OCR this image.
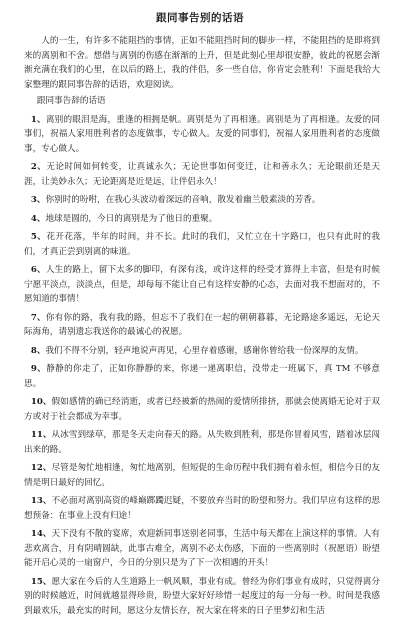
跟同事告别的话语

人的一生，有许多不能阻挡的事情，正如不能阻挡时间的脚步一样，不能阻挡的是即将到来的离别和不舍。想借与离别的伤感在渐渐的上升，但是此刻心里却很安静，彼此的祝愿会渐渐充满在我们的心里，在以后的路上，我的伴侣，多一些自信，你肯定会胜利！下面是我给大家整理的跟同事告辞的话语，欢迎阅读。

跟同事告辞的话语

1、离别的眼泪是海，重逢的相拥是帆。离别是为了再相逢。离别是为了再相逢。友爱的同事们，祝福人家用胜利者的态度做事，专心做人。友爱的同事们，祝福人家用胜利者的态度做事，专心做人。

2、无论时间如何转变，让真诚永久；无论世事如何变迁，让和善永久；无论眼前还是天涯，让美妙永久；无论距离是近是远，让伴侣永久！

3、你别时的吩咐，在我心头波动着深远的音响，散发着幽兰般素淡的芳香。

4、地球是圆的，今日的离别是为了他日的重聚。

5、花开花落，半年的时间，并不长。此时的我们，又忙立在十字路口，也只有此时的我们，才真正尝到别离的味道。

6、人生的路上，留下太多的脚印，有深有浅，或许这样的经受才算得上丰富，但是有时候宁愿平淡点，淡淡点，但是，却每每不能让自己有这样安静的心态，去面对我不想面对的，不愿知道的事情！

7、你有你的路，我有我的路，但忘不了我们在一起的朝朝暮暮，无论路途多遥远，无论天际海角，请别遗忘我送你的最诚心的祝愿。

8、我们不得不分别，轻声地说声再见，心里存着感谢，感谢你曾给我一份深厚的友情。

9、静静的你走了，正如你静静的来，你递一递离职信，没带走一班属下，真 TM 不够意思。

10、假如感情的确已经消逝，或者已经被新的热闹的爱情所排挤，那就会使离婚无论对于双方或对于社会都成为幸事。

11、从冰雪到绿草，那是冬天走向春天的路。从失败到胜利，那是你冒着风雪，踏着冰层闯出来的路。

12、尽管是匆忙地相逢，匆忙地离别，但短促的生命历程中我们拥有着永恒，相信今日的友情是明日最好的回忆。

13、不必面对离别高资的峰巅踯躅迟疑，不要放弃当时的盼望和努力。我们早应有这样的思想预备：在事业上没有归途！

14、天下没有不散的宴席，欢迎新同事送别老同事，生活中每天都在上演这样的事情。人有悲欢离合，月有阴晴圆缺，此事古难全，离别不必太伤感，下面的一些离别时（祝愿语）盼望能开启心灵的一扇窗户，今日的分别只是为了下一次相遇的开头！

15、愿大家在今后的人生道路上一帆风顺，事业有成。曾经为你们事业有成时，只觉得离分别的时候越近，时间就越显得珍贵，盼望大家好好珍惜一起度过的每一分每一秒。时间是我感到最欢乐，最充实的时间，愿这分友情长存，祝大家在将来的日子里梦幻和生活
